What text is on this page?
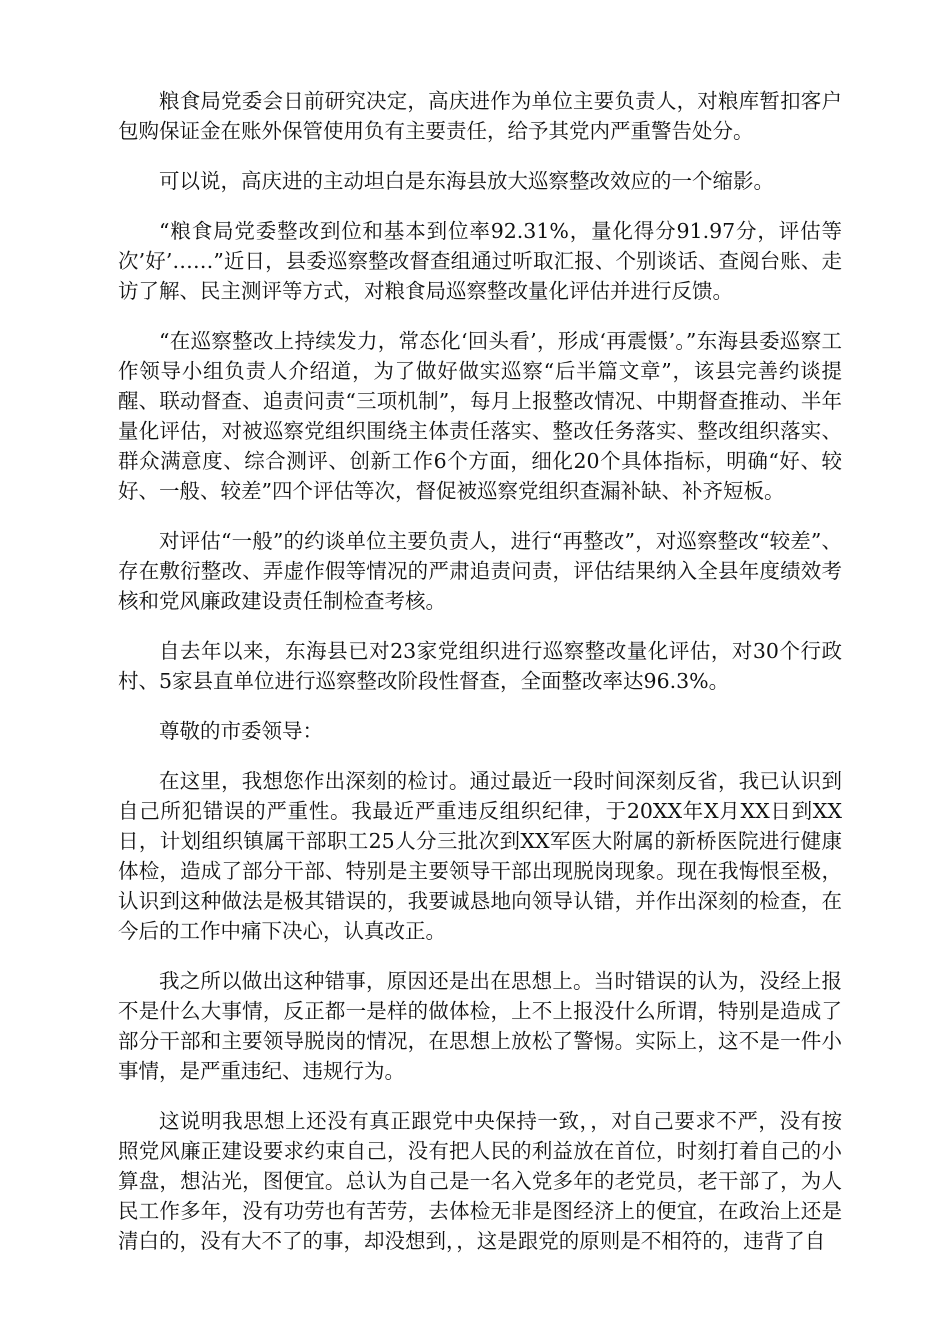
粮食局党委会日前研究决定，高庆进作为单位主要负责人，对粮库暂扣客户包购保证金在账外保管使用负有主要责任，给予其党内严重警告处分。

可以说，高庆进的主动坦白是东海县放大巡察整改效应的一个缩影。

“粮食局党委整改到位和基本到位率92.31%，量化得分91.97分，评估等次’好’……”近日，县委巡察整改督查组通过听取汇报、个别谈话、查阅台账、走访了解、民主测评等方式，对粮食局巡察整改量化评估并进行反馈。

“在巡察整改上持续发力，常态化‘回头看’，形成‘再震慑’。”东海县委巡察工作领导小组负责人介绍道，为了做好做实巡察“后半篇文章”，该县完善约谈提醒、联动督查、追责问责“三项机制”，每月上报整改情况、中期督查推动、半年量化评估，对被巡察党组织围绕主体责任落实、整改任务落实、整改组织落实、群众满意度、综合测评、创新工作6个方面，细化20个具体指标，明确“好、较好、一般、较差”四个评估等次，督促被巡察党组织查漏补缺、补齐短板。

对评估“一般”的约谈单位主要负责人，进行“再整改”，对巡察整改“较差”、存在敷衍整改、弄虚作假等情况的严肃追责问责，评估结果纳入全县年度绩效考核和党风廉政建设责任制检查考核。

自去年以来，东海县已对23家党组织进行巡察整改量化评估，对30个行政村、5家县直单位进行巡察整改阶段性督查，全面整改率达96.3%。

尊敬的市委领导：

在这里，我想您作出深刻的检讨。通过最近一段时间深刻反省，我已认识到自己所犯错误的严重性。我最近严重违反组织纪律，于20XX年X月XX日到XX日，计划组织镇属干部职工25人分三批次到XX军医大附属的新桥医院进行健康体检，造成了部分干部、特别是主要领导干部出现脱岗现象。现在我悔恨至极，认识到这种做法是极其错误的，我要诚恳地向领导认错，并作出深刻的检查，在今后的工作中痛下决心，认真改正。

我之所以做出这种错事，原因还是出在思想上。当时错误的认为，没经上报不是什么大事情，反正都一是样的做体检，上不上报没什么所谓，特别是造成了部分干部和主要领导脱岗的情况，在思想上放松了警惕。实际上，这不是一件小事情，是严重违纪、违规行为。

这说明我思想上还没有真正跟党中央保持一致，，对自己要求不严，没有按照党风廉正建设要求约束自己，没有把人民的利益放在首位，时刻打着自己的小算盘，想沾光，图便宜。总认为自己是一名入党多年的老党员，老干部了，为人民工作多年，没有功劳也有苦劳，去体检无非是图经济上的便宜，在政治上还是清白的，没有大不了的事，却没想到，，这是跟党的原则是不相符的，违背了自
